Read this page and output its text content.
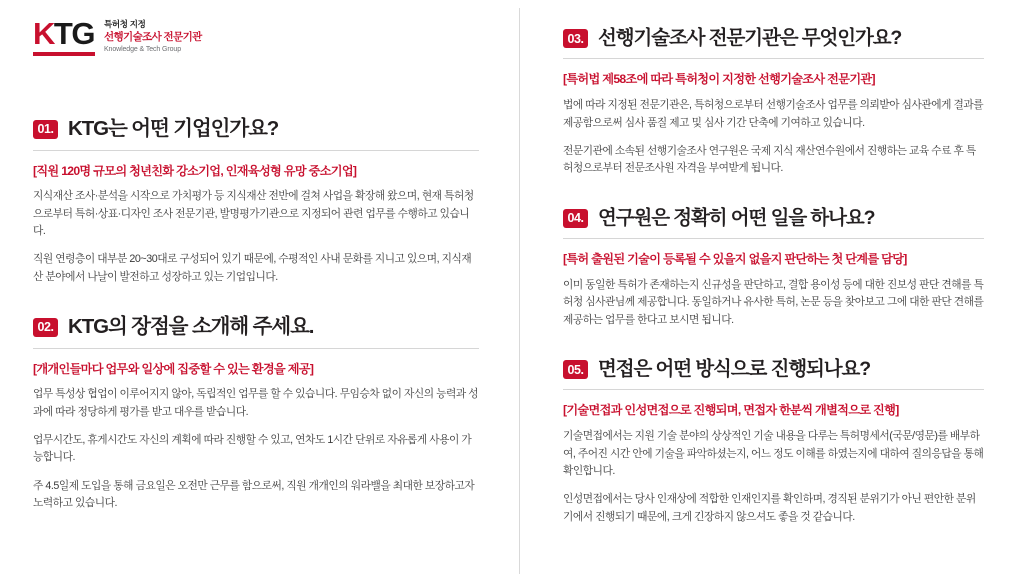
KTG 특허청 지정
선행기술조사 전문기관
Knowledge & Tech Group
01. KTG는 어떤 기업인가요?
[직원 120명 규모의 청년친화 강소기업, 인재육성형 유망 중소기업]

지식재산 조사·분석을 시작으로 가치평가 등 지식재산 전반에 걸쳐 사업을 확장해 왔으며, 현재 특허청으로부터 특허·상표·디자인 조사 전문기관, 발명평가기관으로 지정되어 관련 업무를 수행하고 있습니다.

직원 연령층이 대부분 20~30대로 구성되어 있기 때문에, 수평적인 사내 문화를 지니고 있으며, 지식재산 분야에서 나날이 발전하고 성장하고 있는 기업입니다.

02. KTG의 장점을 소개해 주세요.
[개개인들마다 업무와 일상에 집중할 수 있는 환경을 제공]

업무 특성상 협업이 이루어지지 않아, 독립적인 업무를 할 수 있습니다. 무임승차 없이 자신의 능력과 성과에 따라 정당하게 평가를 받고 대우를 받습니다.

업무시간도, 휴게시간도 자신의 계획에 따라 진행할 수 있고, 연차도 1시간 단위로 자유롭게 사용이 가능합니다.

주 4.5일제 도입을 통해 금요일은 오전만 근무를 함으로써, 직원 개개인의 워라밸을 최대한 보장하고자 노력하고 있습니다.

03. 선행기술조사 전문기관은 무엇인가요?
[특허법 제58조에 따라 특허청이 지정한 선행기술조사 전문기관]

법에 따라 지정된 전문기관은, 특허청으로부터 선행기술조사 업무를 의뢰받아 심사관에게 결과를 제공함으로써 심사 품질 제고 및 심사 기간 단축에 기여하고 있습니다.

전문기관에 소속된 선행기술조사 연구원은 국제 지식 재산연수원에서 진행하는 교육 수료 후 특허청으로부터 전문조사원 자격을 부여받게 됩니다.

04. 연구원은 정확히 어떤 일을 하나요?
[특허 출원된 기술이 등록될 수 있을지 없을지 판단하는 첫 단계를 담당]

이미 동일한 특허가 존재하는지 신규성을 판단하고, 결합 용이성 등에 대한 진보성 판단 견해를 특허청 심사관님께 제공합니다. 동일하거나 유사한 특허, 논문 등을 찾아보고 그에 대한 판단 견해를 제공하는 업무를 한다고 보시면 됩니다.

05. 면접은 어떤 방식으로 진행되나요?
[기술면접과 인성면접으로 진행되며, 면접자 한분씩 개별적으로 진행]

기술면접에서는 지원 기술 분야의 상상적인 기술 내용을 다루는 특허명세서(국문/영문)를 배부하여, 주어진 시간 안에 기술을 파악하셨는지, 어느 정도 이해를 하였는지에 대하여 질의응답을 통해 확인합니다.

인성면접에서는 당사 인재상에 적합한 인재인지를 확인하며, 경직된 분위기가 아닌 편안한 분위기에서 진행되기 때문에, 크게 긴장하지 않으셔도 좋을 것 같습니다.
